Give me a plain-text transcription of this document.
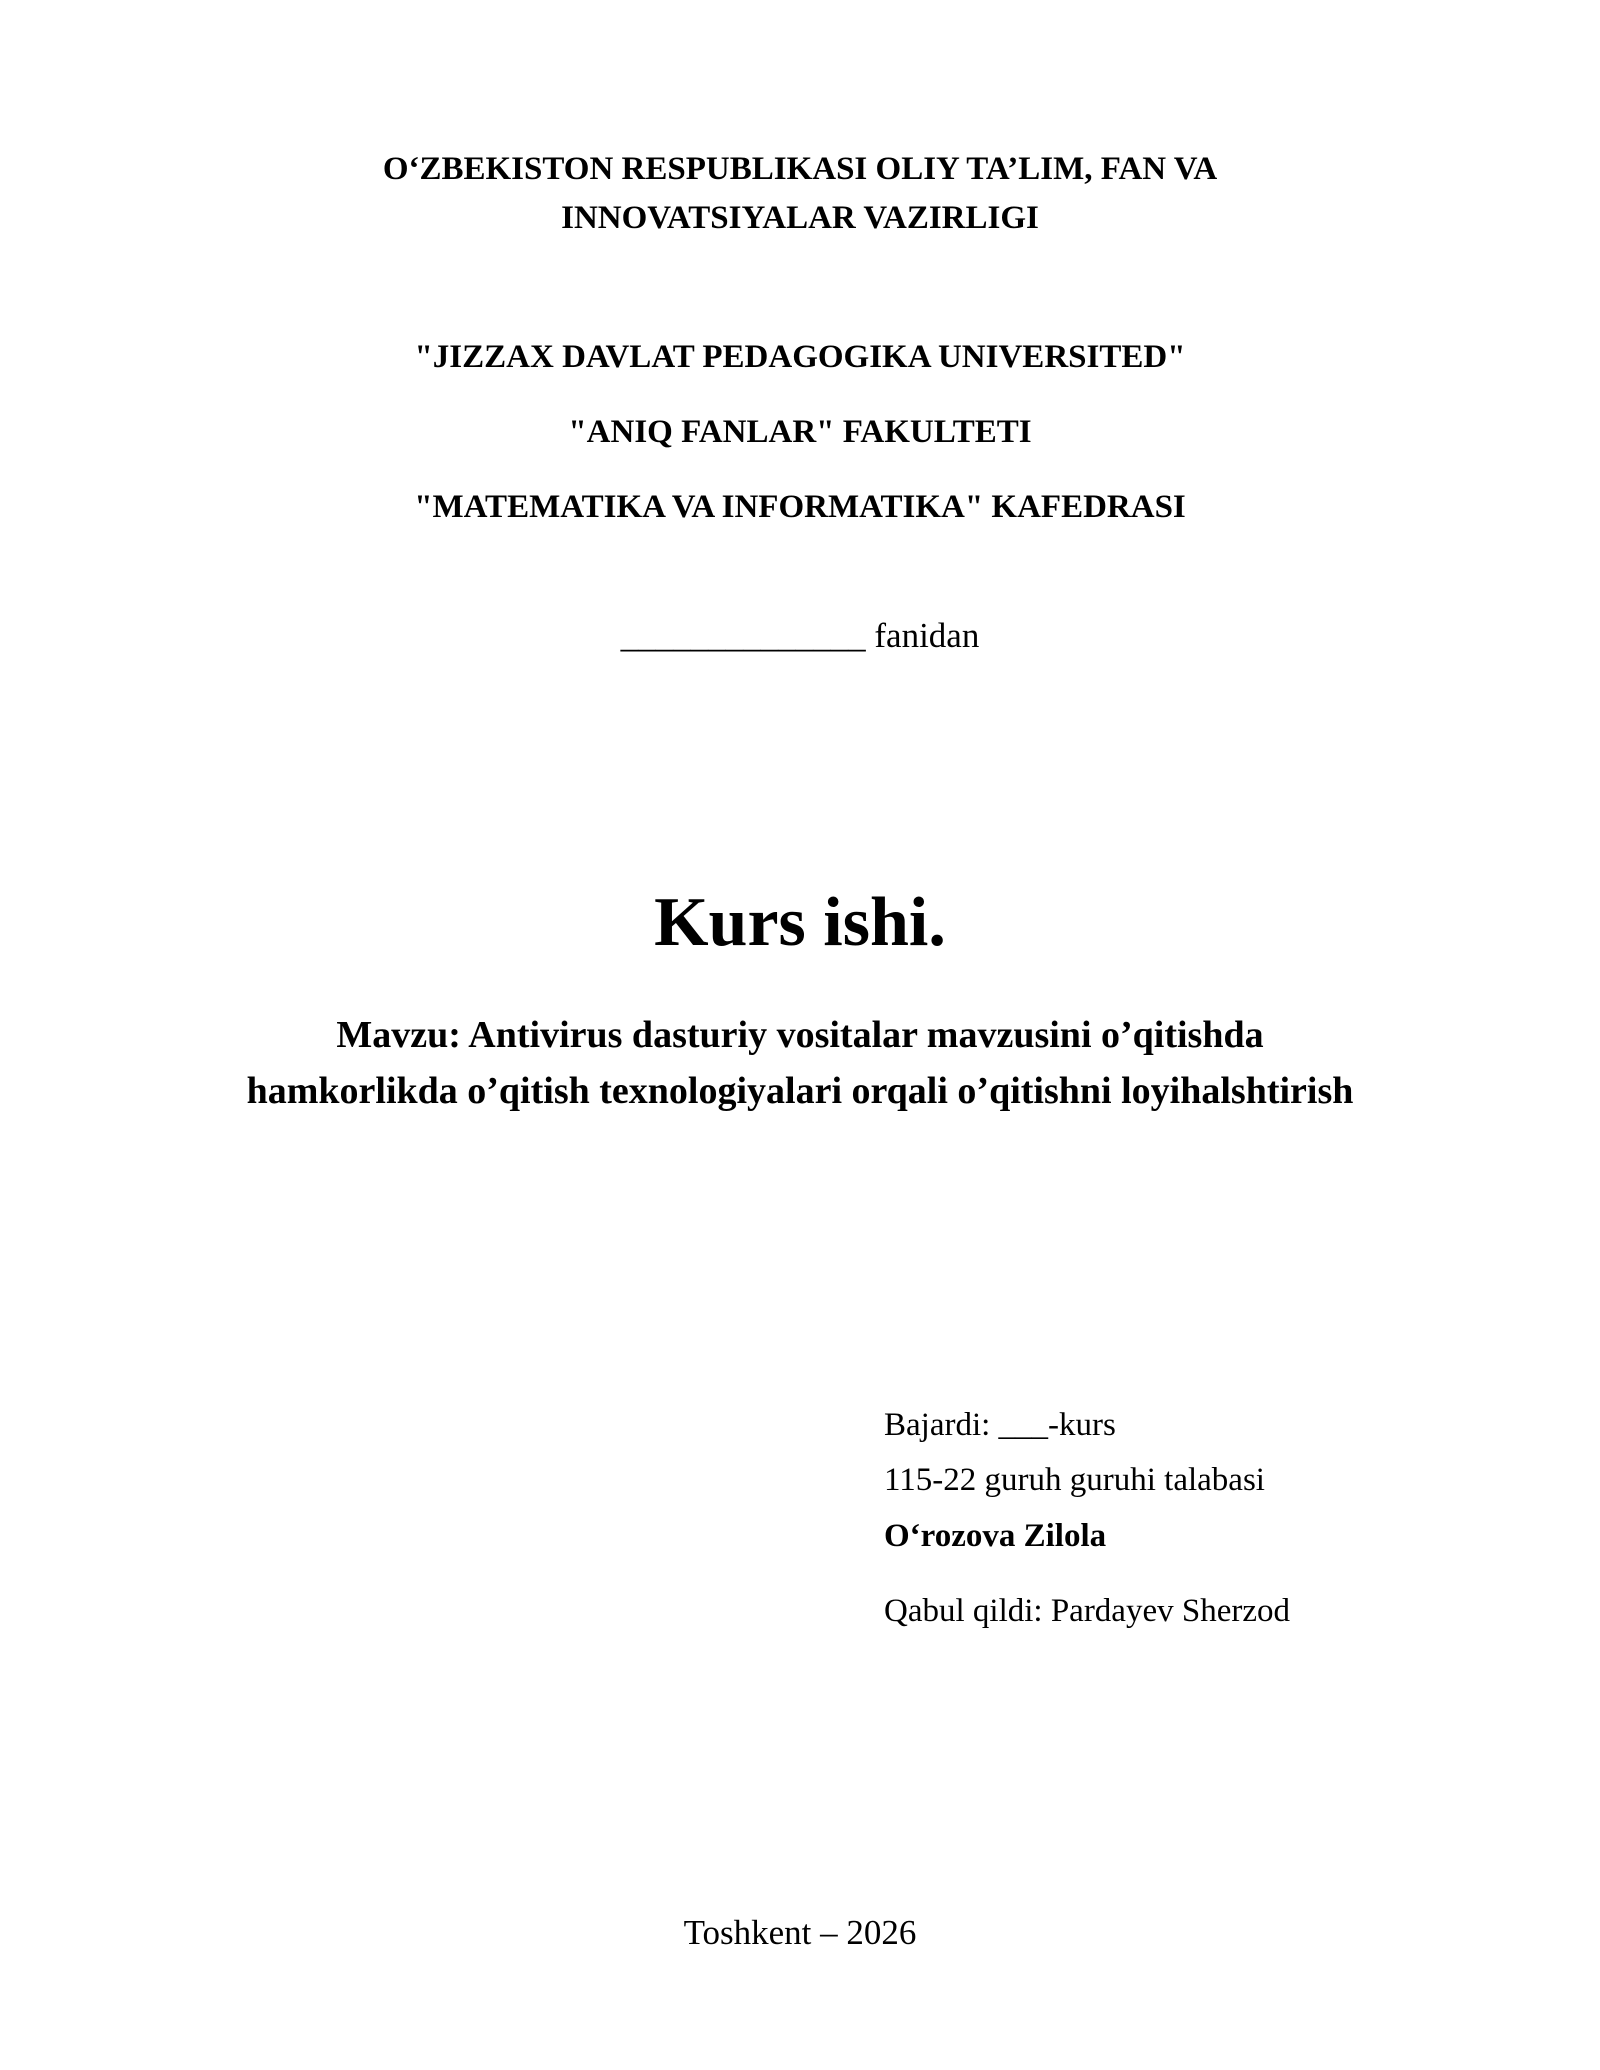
O‘ZBEKISTON RESPUBLIKASI OLIY TA’LIM, FAN VA
INNOVATSIYALAR VAZIRLIGI
"JIZZAX DAVLAT PEDAGOGIKA UNIVERSITED"
"ANIQ FANLAR" FAKULTETI
"MATEMATIKA VA INFORMATIKA" KAFEDRASI
______________ fanidan
Kurs ishi.
Mavzu: Antivirus dasturiy vositalar mavzusini o’qitishda
hamkorlikda o’qitish texnologiyalari orqali o’qitishni loyihalshtirish
Bajardi: ___-kurs
115-22 guruh guruhi talabasi
O‘rozova Zilola
Qabul qildi: Pardayev Sherzod
Toshkent – 2026
